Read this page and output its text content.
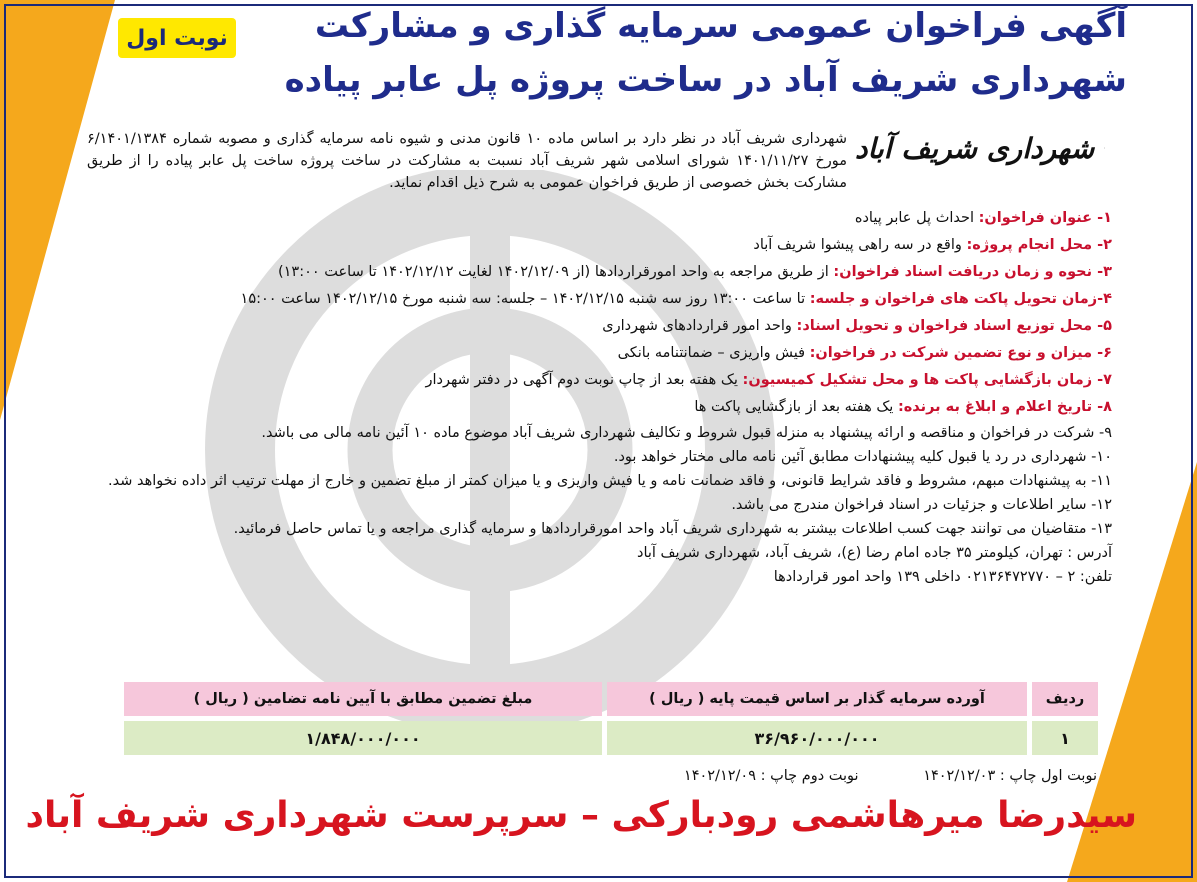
نوبت اول	آگهی فراخوان عمومی سرمایه گذاری و مشارکت
شهرداری شریف آباد در ساخت پروژه پل عابر پیاده
شهرداری شریف آباد
شهرداری شریف آباد در نظر دارد بر اساس ماده ۱۰ قانون مدنی و شیوه نامه سرمایه گذاری و مصوبه شماره ۶/۱۴۰۱/۱۳۸۴ مورخ ۱۴۰۱/۱۱/۲۷ شورای اسلامی شهر شریف آباد نسبت به مشارکت در ساخت پروژه ساخت پل عابر پیاده را از طریق مشارکت بخش خصوصی از طریق فراخوان عمومی به شرح ذیل اقدام نماید.
۱- عنوان فراخوان: احداث پل عابر پیاده
۲- محل انجام پروژه: واقع در سه راهی پیشوا شریف آباد
۳- نحوه و زمان دریافت اسناد فراخوان: از طریق مراجعه به واحد امورقراردادها (از ۱۴۰۲/۱۲/۰۹ لغایت ۱۴۰۲/۱۲/۱۲ تا ساعت ۱۳:۰۰)
۴-زمان تحویل پاکت های فراخوان و جلسه: تا ساعت ۱۳:۰۰ روز سه شنبه ۱۴۰۲/۱۲/۱۵ – جلسه: سه شنبه مورخ ۱۴۰۲/۱۲/۱۵ ساعت ۱۵:۰۰
۵- محل توزیع اسناد فراخوان و تحویل اسناد: واحد امور قراردادهای شهرداری
۶- میزان و نوع تضمین شرکت در فراخوان: فیش واریزی – ضمانتنامه بانکی
۷- زمان بازگشایی پاکت ها و محل تشکیل کمیسیون: یک هفته بعد از چاپ نوبت دوم آگهی در دفتر شهردار
۸- تاریخ اعلام و ابلاغ به برنده: یک هفته بعد از بازگشایی پاکت ها
۹- شرکت در فراخوان و مناقصه و ارائه پیشنهاد به منزله قبول شروط و تکالیف شهرداری شریف آباد موضوع ماده ۱۰ آئین نامه مالی می باشد.
۱۰- شهرداری در رد یا قبول کلیه پیشنهادات مطابق آئین نامه مالی مختار خواهد بود.
۱۱- به پیشنهادات مبهم، مشروط و فاقد شرایط قانونی، و فاقد ضمانت نامه و یا فیش واریزی و یا میزان کمتر از مبلغ تضمین و خارج از مهلت ترتیب اثر داده نخواهد شد.
۱۲- سایر اطلاعات و جزئیات در اسناد فراخوان مندرج می باشد.
۱۳- متقاضیان می توانند جهت کسب اطلاعات بیشتر به شهرداری شریف آباد واحد امورقراردادها و سرمایه گذاری مراجعه و یا تماس حاصل فرمائید.
آدرس : تهران، کیلومتر ۳۵ جاده امام رضا (ع)، شریف آباد، شهرداری شریف آباد
تلفن: ۲ – ۰۲۱۳۶۴۷۲۷۷۰ داخلی ۱۳۹ واحد امور قراردادها
ردیف
آورده سرمایه گذار بر اساس قیمت پایه ( ریال )
مبلغ تضمین مطابق با آیین نامه تضامین ( ریال )
۱
۳۶/۹۶۰/۰۰۰/۰۰۰
۱/۸۴۸/۰۰۰/۰۰۰
نوبت اول چاپ : ۱۴۰۲/۱۲/۰۳ نوبت دوم چاپ : ۱۴۰۲/۱۲/۰۹
سیدرضا میرهاشمی رودبارکی – سرپرست شهرداری شریف آباد
